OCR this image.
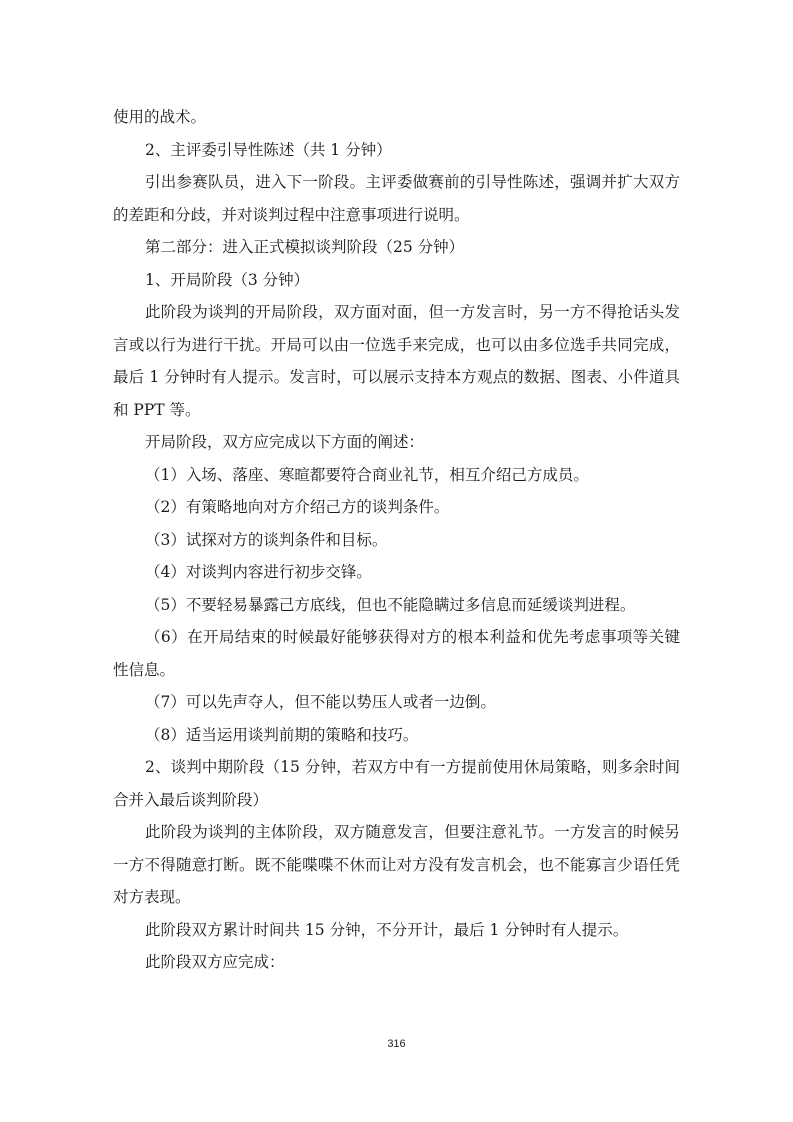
使用的战术。

2、主评委引导性陈述（共 1 分钟）

引出参赛队员，进入下一阶段。主评委做赛前的引导性陈述，强调并扩大双方的差距和分歧，并对谈判过程中注意事项进行说明。

第二部分：进入正式模拟谈判阶段（25 分钟）

1、开局阶段（3 分钟）

此阶段为谈判的开局阶段，双方面对面，但一方发言时，另一方不得抢话头发言或以行为进行干扰。开局可以由一位选手来完成，也可以由多位选手共同完成，最后 1 分钟时有人提示。发言时，可以展示支持本方观点的数据、图表、小件道具和 PPT 等。

开局阶段，双方应完成以下方面的阐述：

（1）入场、落座、寒暄都要符合商业礼节，相互介绍己方成员。

（2）有策略地向对方介绍己方的谈判条件。

（3）试探对方的谈判条件和目标。

（4）对谈判内容进行初步交锋。

（5）不要轻易暴露己方底线，但也不能隐瞒过多信息而延缓谈判进程。

（6）在开局结束的时候最好能够获得对方的根本利益和优先考虑事项等关键性信息。

（7）可以先声夺人，但不能以势压人或者一边倒。

（8）适当运用谈判前期的策略和技巧。

2、谈判中期阶段（15 分钟，若双方中有一方提前使用休局策略，则多余时间合并入最后谈判阶段）

此阶段为谈判的主体阶段，双方随意发言，但要注意礼节。一方发言的时候另一方不得随意打断。既不能喋喋不休而让对方没有发言机会，也不能寡言少语任凭对方表现。

此阶段双方累计时间共 15 分钟，不分开计，最后 1 分钟时有人提示。

此阶段双方应完成：

316
